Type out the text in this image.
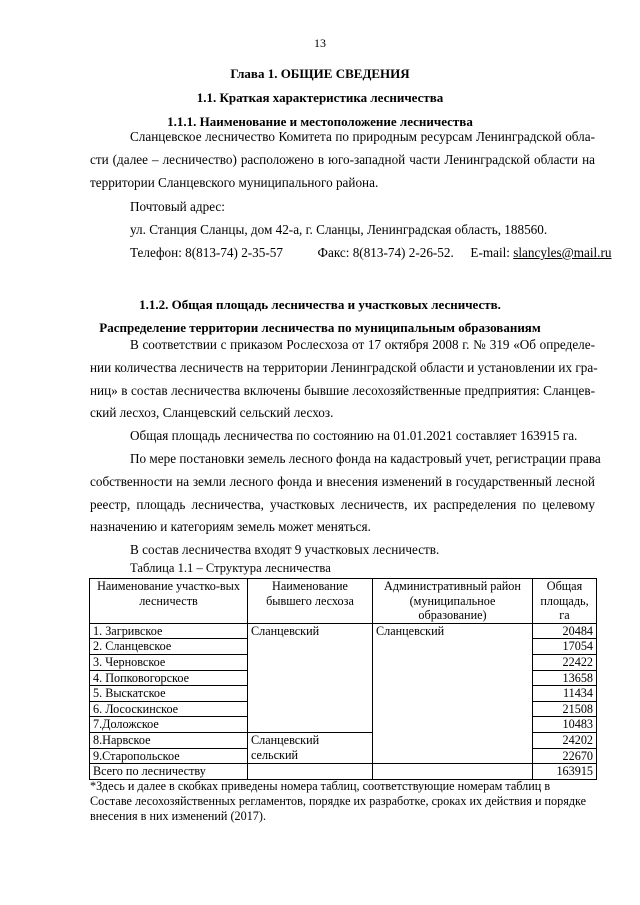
13
Глава 1. ОБЩИЕ СВЕДЕНИЯ
1.1. Краткая характеристика лесничества
1.1.1. Наименование и местоположение лесничества
Сланцевское лесничество Комитета по природным ресурсам Ленинградской обла-
сти (далее – лесничество) расположено в юго-западной части Ленинградской области на
территории Сланцевского муниципального района.
Почтовый адрес:
ул. Станция Сланцы, дом 42-а, г. Сланцы, Ленинградская область, 188560.
Телефон: 8(813-74) 2-35-57	Факс: 8(813-74) 2-26-52. E-mail: slancyles@mail.ru
1.1.2. Общая площадь лесничества и участковых лесничеств.
Распределение территории лесничества по муниципальным образованиям
В соответствии с приказом Рослесхоза от 17 октября 2008 г. № 319 «Об определе-
нии количества лесничеств на территории Ленинградской области и установлении их гра-
ниц» в состав лесничества включены бывшие лесохозяйственные предприятия: Сланцев-
ский лесхоз, Сланцевский сельский лесхоз.
Общая площадь лесничества по состоянию на 01.01.2021 составляет 163915 га.
По мере постановки земель лесного фонда на кадастровый учет, регистрации права
собственности на земли лесного фонда и внесения изменений в государственный лесной
реестр, площадь лесничества, участковых лесничеств, их распределения по целевому
назначению и категориям земель может меняться.
В состав лесничества входят 9 участковых лесничеств.
Таблица 1.1 – Структура лесничества
Наименование участко-вых лесничеств	Наименование бывшего лесхоза	Административный район (муниципальное образование)	Общая площадь, га
1. Загривское	Сланцевский	Сланцевский	20484
2. Сланцевское			17054
3. Черновское			22422
4. Попковогорское			13658
5. Выскатское			11434
6. Лососкинское			21508
7.Доложское			10483
8.Нарвское	Сланцевский сельский		24202
9.Старопольское			22670
Всего по лесничеству			163915
*Здесь и далее в скобках приведены номера таблиц, соответствующие номерам таблиц в Составе лесохозяйственных регламентов, порядке их разработке, сроках их действия и порядке внесения в них изменений (2017).
